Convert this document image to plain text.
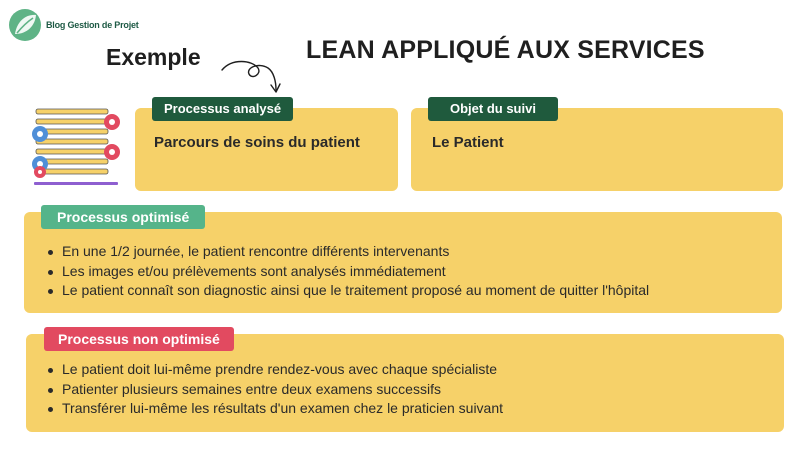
Blog Gestion de Projet
Exemple	LEAN APPLIQUÉ AUX SERVICES
Processus analysé
Parcours de soins du patient
Objet du suivi
Le Patient
Processus optimisé
En une 1/2 journée, le patient rencontre différents intervenants
Les images et/ou prélèvements sont analysés immédiatement
Le patient connaît son diagnostic ainsi que le traitement proposé au moment de quitter l'hôpital
Processus non optimisé
Le patient doit lui-même prendre rendez-vous avec chaque spécialiste
Patienter plusieurs semaines entre deux examens successifs
Transférer lui-même les résultats d'un examen chez le praticien suivant
